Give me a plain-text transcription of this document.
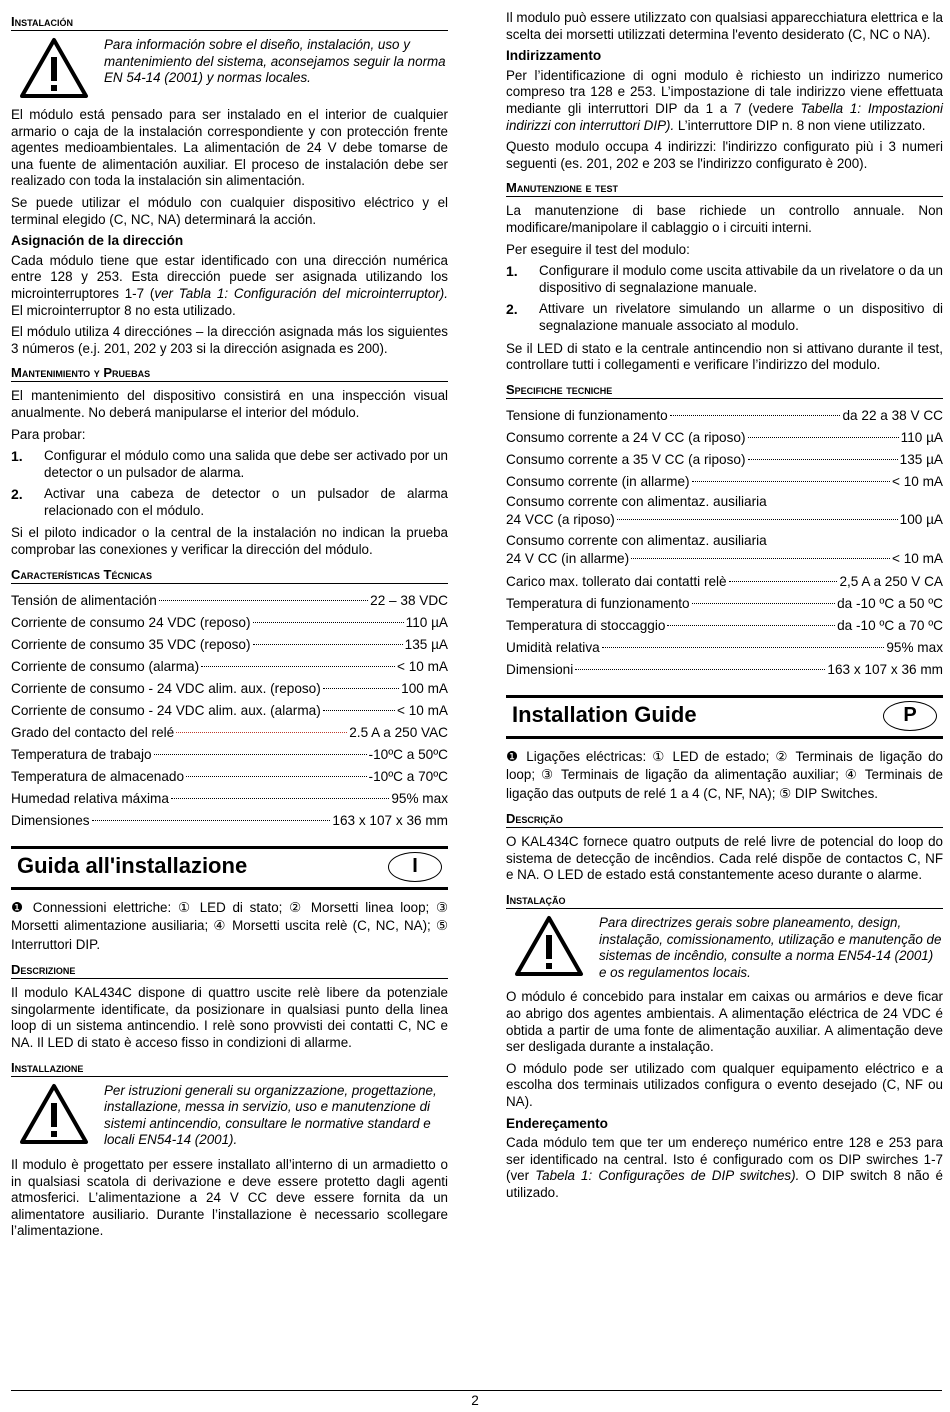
Instalación

Para información sobre el diseño, instalación, uso y mantenimiento del sistema, aconsejamos seguir la norma EN 54-14 (2001) y normas locales.

El módulo está pensado para ser instalado en el interior de cualquier armario o caja de la instalación correspondiente y con protección frente agentes medioambientales. La alimentación de 24 V debe tomarse de una fuente de alimentación auxiliar. El proceso de instalación debe ser realizado con toda la instalación sin alimentación.

Se puede utilizar el módulo con cualquier dispositivo eléctrico y el terminal elegido (C, NC, NA) determinará la acción.

Asignación de la dirección

Cada módulo tiene que estar identificado con una dirección numérica entre 128 y 253. Esta dirección puede ser asignada utilizando los microinterruptores 1-7 (ver Tabla 1: Configuración del microinterruptor). El microinterruptor 8 no esta utilizado.

El módulo utiliza 4 direcciónes – la dirección asignada más los siguientes 3 números (e.j. 201, 202 y 203 si la dirección asignada es 200).

Mantenimiento y Pruebas

El mantenimiento del dispositivo consistirá en una inspección visual anualmente. No deberá manipularse el interior del módulo.

Para probar:

1.	Configurar el módulo como una salida que debe ser activado por un detector o un pulsador de alarma.
2.	Activar una cabeza de detector o un pulsador de alarma relacionado con el módulo.

Si el piloto indicador o la central de la instalación no indican la prueba comprobar las conexiones y verificar la dirección del módulo.

Características Técnicas
Tensión de alimentación	22 – 38 VDC
Corriente de consumo 24 VDC (reposo)	110 µA
Corriente de consumo 35 VDC (reposo)	135 µA
Corriente de consumo (alarma)	< 10 mA
Corriente de consumo - 24 VDC alim. aux. (reposo)	100 mA
Corriente de consumo - 24 VDC alim. aux. (alarma)	< 10 mA
Grado del contacto del relé	2.5 A a 250 VAC
Temperatura de trabajo	-10ºC a 50ºC
Temperatura de almacenado	-10ºC a 70ºC
Humedad relativa máxima	95% max
Dimensiones	163 x 107 x 36 mm
Guida all'installazione	I

❶ Connessioni elettriche: ① LED di stato; ② Morsetti linea loop; ③ Morsetti alimentazione ausiliaria; ④ Morsetti uscita relè (C, NC, NA); ⑤ Interruttori DIP.

Descrizione

Il modulo KAL434C dispone di quattro uscite relè libere da potenziale singolarmente identificate, da posizionare in qualsiasi punto della linea loop di un sistema antincendio. I relè sono provvisti dei contatti C, NC e NA. Il LED di stato è acceso fisso in condizioni di allarme.

Installazione

Per istruzioni generali su organizzazione, progettazione, installazione, messa in servizio, uso e manutenzione di sistemi antincendio, consultare le normative standard e locali EN54-14 (2001).

Il modulo è progettato per essere installato all’interno di un armadietto o in qualsiasi scatola di derivazione e deve essere protetto dagli agenti atmosferici. L’alimentazione a 24 V CC deve essere fornita da un alimentatore ausiliario. Durante l’installazione è necessario scollegare l’alimentazione.

Il modulo può essere utilizzato con qualsiasi apparecchiatura elettrica e la scelta dei morsetti utilizzati determina l'evento desiderato (C, NC o NA).

Indirizzamento

Per l’identificazione di ogni modulo è richiesto un indirizzo numerico compreso tra 128 e 253. L’impostazione di tale indirizzo viene effettuata mediante gli interruttori DIP da 1 a 7 (vedere Tabella 1: Impostazioni indirizzi con interruttori DIP). L’interruttore DIP n. 8 non viene utilizzato.

Questo modulo occupa 4 indirizzi: l'indirizzo configurato più i 3 numeri seguenti (es. 201, 202 e 203 se l'indirizzo configurato è 200).

Manutenzione e test

La manutenzione di base richiede un controllo annuale. Non modificare/manipolare il cablaggio o i circuiti interni.

Per eseguire il test del modulo:

1.	Configurare il modulo come uscita attivabile da un rivelatore o da un dispositivo di segnalazione manuale.
2.	Attivare un rivelatore simulando un allarme o un dispositivo di segnalazione manuale associato al modulo.

Se il LED di stato e la centrale antincendio non si attivano durante il test, controllare tutti i collegamenti e verificare l’indirizzo del modulo.

Specifiche tecniche
Tensione di funzionamento	da 22 a 38 V CC
Consumo corrente a 24 V CC (a riposo)	110 µA
Consumo corrente a 35 V CC (a riposo)	135 µA
Consumo corrente (in allarme)	< 10 mA
Consumo corrente con alimentaz. ausiliaria
24 VCC (a riposo)	100 µA
Consumo corrente con alimentaz. ausiliaria
24 V CC (in allarme)	< 10 mA
Carico max. tollerato dai contatti relè	2,5 A a 250 V CA
Temperatura di funzionamento	da -10 ºC a 50 ºC
Temperatura di stoccaggio	da -10 ºC a 70 ºC
Umidità relativa	95% max
Dimensioni	163 x 107 x 36 mm
Installation Guide	P

❶ Ligações eléctricas: ① LED de estado; ② Terminais de ligação do loop; ③ Terminais de ligação da alimentação auxiliar; ④ Terminais de ligação das outputs de relé 1 a 4 (C, NF, NA); ⑤ DIP Switches.

Descrição

O KAL434C fornece quatro outputs de relé livre de potencial do loop do sistema de detecção de incêndios. Cada relé dispõe de contactos C, NF e NA. O LED de estado está constantemente aceso durante o alarme.

Instalação

Para directrizes gerais sobre planeamento, design, instalação, comissionamento, utilização e manutenção de sistemas de incêndio, consulte a norma EN54-14 (2001) e os regulamentos locais.

O módulo é concebido para instalar em caixas ou armários e deve ficar ao abrigo dos agentes ambientais. A alimentação eléctrica de 24 VDC é obtida a partir de uma fonte de alimentação auxiliar. A alimentação deve ser desligada durante a instalação.

O módulo pode ser utilizado com qualquer equipamento eléctrico e a escolha dos terminais utilizados configura o evento desejado (C, NF ou NA).

Endereçamento

Cada módulo tem que ter um endereço numérico entre 128 e 253 para ser identificado na central. Isto é configurado com os DIP swirches 1-7 (ver Tabela 1: Configurações de DIP switches). O DIP switch 8 não é utilizado.

2
